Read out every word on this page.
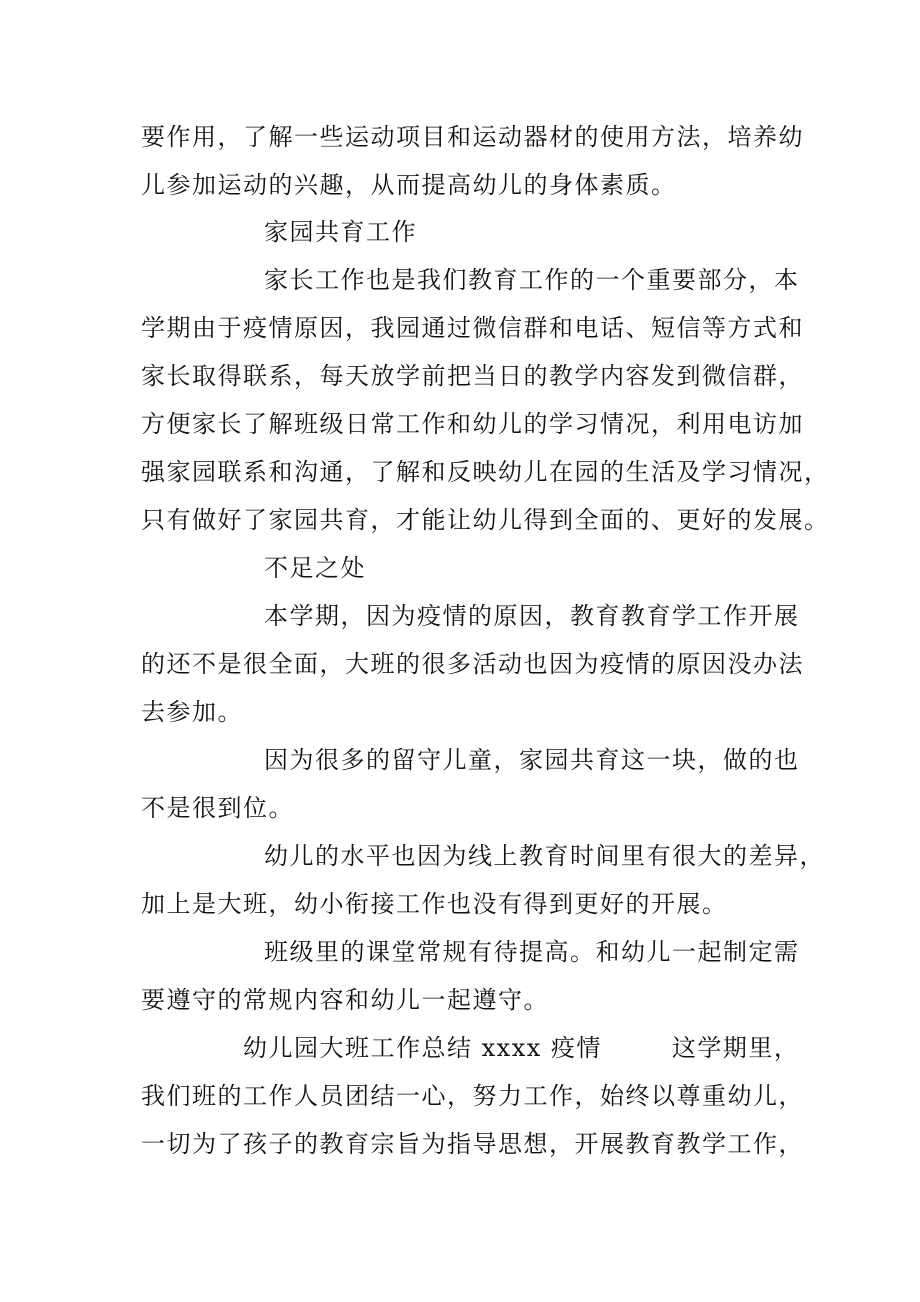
要作用，了解一些运动项目和运动器材的使用方法，培养幼
儿参加运动的兴趣，从而提高幼儿的身体素质。
家园共育工作
家长工作也是我们教育工作的一个重要部分，本
学期由于疫情原因，我园通过微信群和电话、短信等方式和
家长取得联系，每天放学前把当日的教学内容发到微信群，
方便家长了解班级日常工作和幼儿的学习情况，利用电访加
强家园联系和沟通，了解和反映幼儿在园的生活及学习情况，
只有做好了家园共育，才能让幼儿得到全面的、更好的发展。
不足之处
本学期，因为疫情的原因，教育教育学工作开展
的还不是很全面，大班的很多活动也因为疫情的原因没办法
去参加。
因为很多的留守儿童，家园共育这一块，做的也
不是很到位。
幼儿的水平也因为线上教育时间里有很大的差异，
加上是大班，幼小衔接工作也没有得到更好的开展。
班级里的课堂常规有待提高。和幼儿一起制定需
要遵守的常规内容和幼儿一起遵守。
幼儿园大班工作总结 xxxx 疫情	这学期里，
我们班的工作人员团结一心，努力工作，始终以尊重幼儿，
一切为了孩子的教育宗旨为指导思想，开展教育教学工作，
